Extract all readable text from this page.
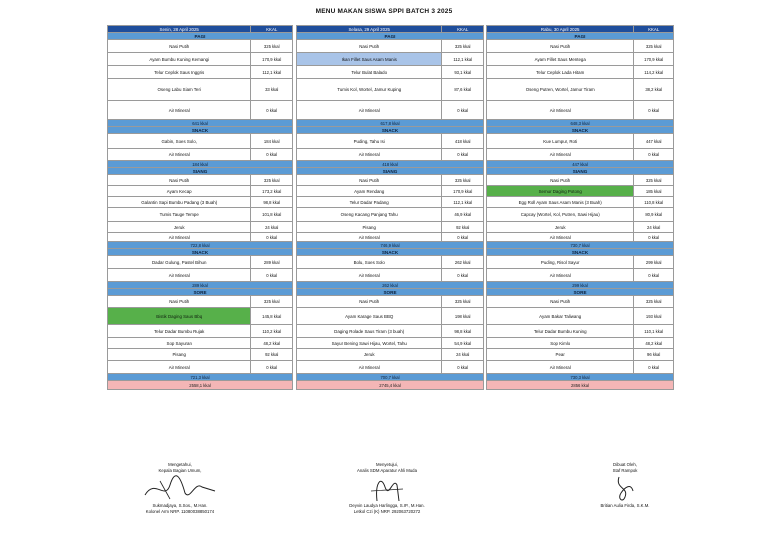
MENU MAKAN SISWA SPPI BATCH 3 2025
Senin, 28 April 2025	KKAL
PAGI
Nasi Putih	325 kkal
Ayam Bumbu Kuning Kemangi	170,9 kkal
Telur Ceplok Saus Inggris	112,1 kkal
Oseng Labu Siam Teri	33 kkal
Air Mineral	0 kkal
641 kkal
SNACK
Gabin, Soes Solo,	184 kkal
Air Mineral	0 kkal
184 kkal
SIANG
Nasi Putih	325 kkal
Ayam Kecap	173,2 kkal
Galantin Sapi Bumbu Padang (3 Buah)	98,8 kkal
Tumis Tauge Tempe	101,8 kkal
Jeruk	24 kkal
Air Mineral	0 kkal
722,8 kkal
SNACK
Dadar Gulung, Pastel Bihun	289 kkal
Air Mineral	0 kkal
289 kkal
SORE
Nasi Putih	325 kkal
Bistik Daging Saus Bbq	145,8 kkal
Telur Dadar Bumbu Rujak	110,2 kkal
Sop Sayuran	48,2 kkal
Pisang	92 kkal
Air Mineral	0 kkal
721,3 kkal
2558,1 kkal
Selasa, 29 April 2025	KKAL
PAGI
Nasi Putih	325 kkal
Ikan Fillet Saus Asam Manis	112,1 kkal
Telur Bulat Balado	93,1 kkal
Tumis Kol, Wortel, Jamur Kuping	87,6 kkal
Air Mineral	0 kkal
617,8 kkal
SNACK
Puding, Tahu Isi	418 kkal
Air Mineral	0 kkal
418 kkal
SIANG
Nasi Putih	325 kkal
Ayam Rendang	170,9 kkal
Telur Dadar Padang	112,1 kkal
Oseng Kacang Panjang Tahu	46,9 kkal
Pisang	92 kkal
Air Mineral	0 kkal
746,9 kkal
SNACK
Bolu, Soes Solo	262 kkal
Air Mineral	0 kkal
262 kkal
SORE
Nasi Putih	325 kkal
Ayam Karage Saus BBQ	198 kkal
Daging Rolade Saus Tiram (3 buah)	98,8 kkal
Sayur Bening Sawi Hijau, Wortel, Tahu	54,9 kkal
Jeruk	24 kkal
Air Mineral	0 kkal
700,7 kkal
2745,4 kkal
Rabu, 30 April 2025	KKAL
PAGI
Nasi Putih	325 kkal
Ayam Fillet Saus Mentega	170,9 kkal
Telur Ceplok Lada Hitam	114,2 kkal
Oseng Putren, Wortel, Jamur Tiram	38,2 kkal
Air Mineral	0 kkal
648,3 kkal
SNACK
Kue Lumpur, Roti	447 kkal
Air Mineral	0 kkal
447 kkal
SIANG
Nasi Putih	325 kkal
Semur Daging Potong	185 kkal
Egg Roll Ayam Saus Asam Manis (3 Buah)	110,8 kkal
Capcay (Wortel, Kol, Putren, Sawi Hijau)	80,9 kkal
Jeruk	24 kkal
Air Mineral	0 kkal
730,7 kkal
SNACK
Puding, Risol Sayur	299 kkal
Air Mineral	0 kkal
299 kkal
SORE
Nasi Putih	325 kkal
Ayam Bakar Taliwang	193 kkal
Telur Dadar Bumbu Kuning	110,1 kkal
Sop Kimlo	48,2 kkal
Pear	96 kkal
Air Mineral	0 kkal
730,3 kkal
2856 kkal
Mengetahui,
Kepala Bagian Umum,
Sukmadjaya, S.Sos., M.Han.
Kolonel Arm NRP. 11080038850174
Menyetujui,
Analis SDM Aparatur Ahli Muda
Deyvin Laudya Harlingga, S.IP., M.Han.
Letkol Czi (K) NRP. 292063720272
Dibuat Oleh,
Staf Rampok
Britian Aulia Firda, S.K.M.
